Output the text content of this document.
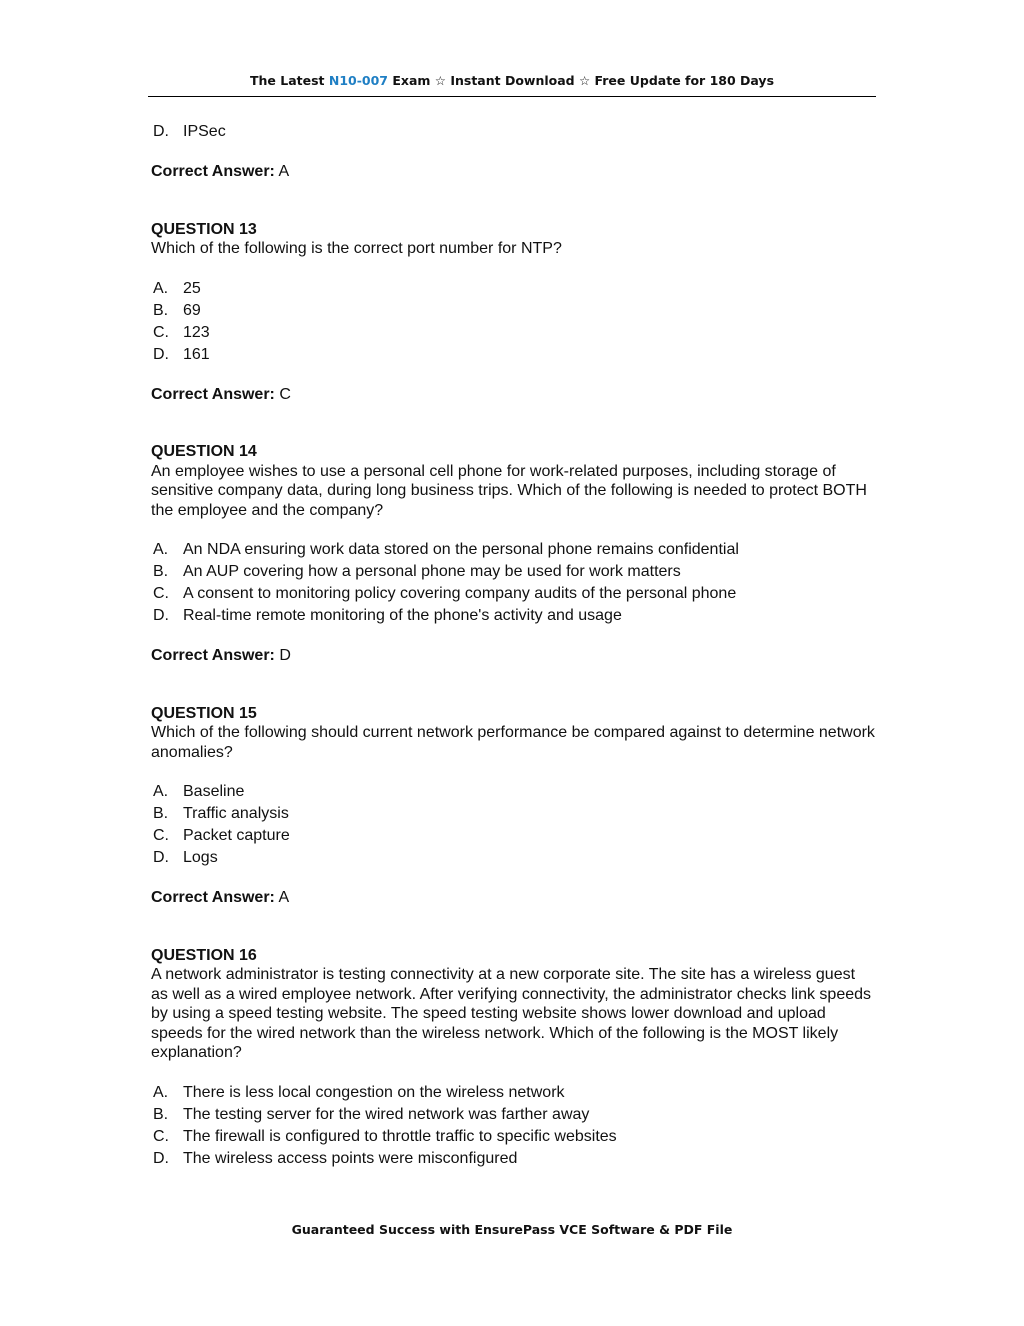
The Latest N10-007 Exam ☆ Instant Download ☆ Free Update for 180 Days
D. IPSec
Correct Answer: A
QUESTION 13
Which of the following is the correct port number for NTP?
A. 25
B. 69
C. 123
D. 161
Correct Answer: C
QUESTION 14
An employee wishes to use a personal cell phone for work-related purposes, including storage of sensitive company data, during long business trips. Which of the following is needed to protect BOTH the employee and the company?
A. An NDA ensuring work data stored on the personal phone remains confidential
B. An AUP covering how a personal phone may be used for work matters
C. A consent to monitoring policy covering company audits of the personal phone
D. Real-time remote monitoring of the phone's activity and usage
Correct Answer: D
QUESTION 15
Which of the following should current network performance be compared against to determine network anomalies?
A. Baseline
B. Traffic analysis
C. Packet capture
D. Logs
Correct Answer: A
QUESTION 16
A network administrator is testing connectivity at a new corporate site. The site has a wireless guest as well as a wired employee network. After verifying connectivity, the administrator checks link speeds by using a speed testing website. The speed testing website shows lower download and upload speeds for the wired network than the wireless network. Which of the following is the MOST likely explanation?
A. There is less local congestion on the wireless network
B. The testing server for the wired network was farther away
C. The firewall is configured to throttle traffic to specific websites
D. The wireless access points were misconfigured
Guaranteed Success with EnsurePass VCE Software & PDF File
